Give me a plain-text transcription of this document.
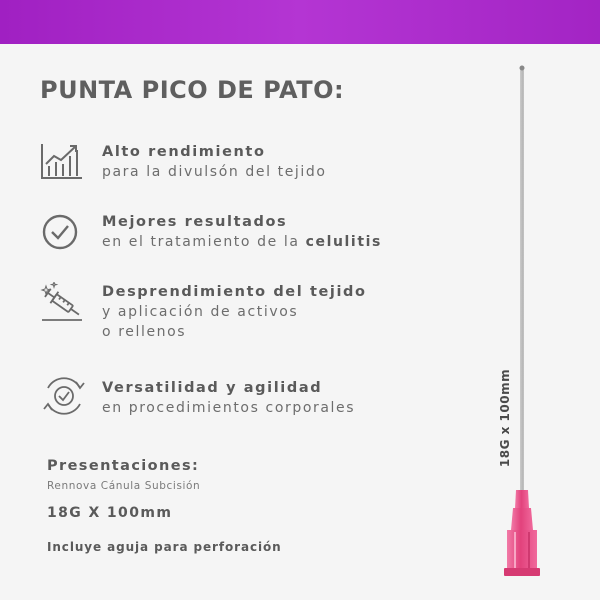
PUNTA PICO DE PATO:
Alto rendimiento
para la divulsón del tejido
Mejores resultados
en el tratamiento de la celulitis
Desprendimiento del tejido
y aplicación de activos
o rellenos
Versatilidad y agilidad
en procedimientos corporales
Presentaciones:
Rennova Cánula Subcisión
18G X 100mm
Incluye aguja para perforación
18G x 100mm
